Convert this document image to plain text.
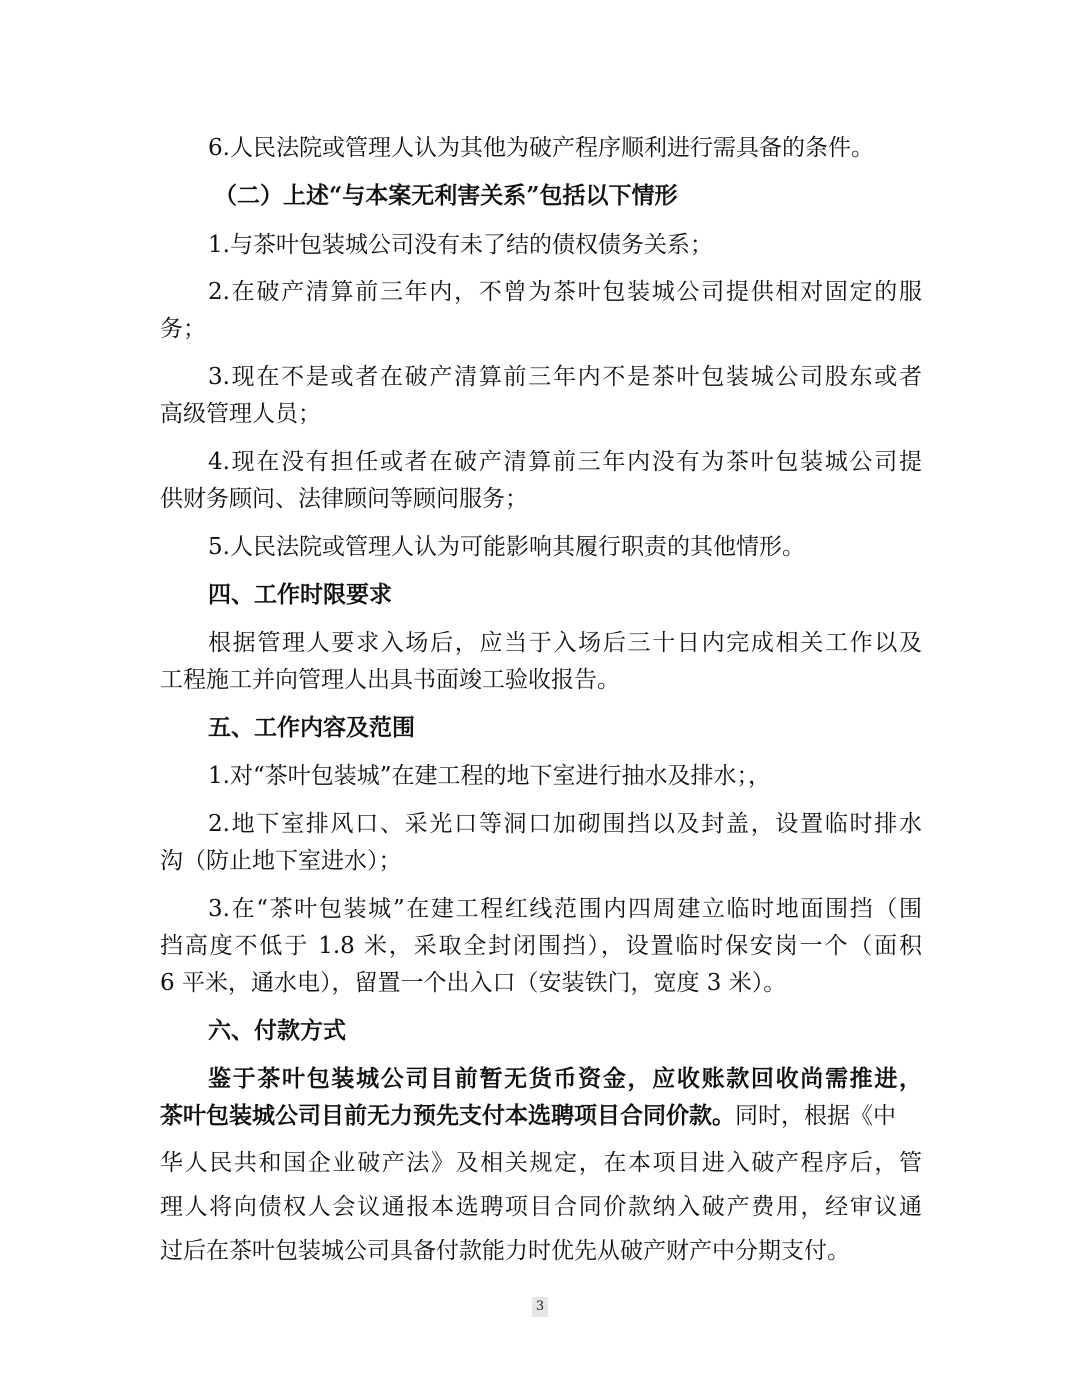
6.人民法院或管理人认为其他为破产程序顺利进行需具备的条件。
（二）上述“与本案无利害关系”包括以下情形
1.与茶叶包装城公司没有未了结的债权债务关系；
2.在破产清算前三年内，不曾为茶叶包装城公司提供相对固定的服
务；
3.现在不是或者在破产清算前三年内不是茶叶包装城公司股东或者
高级管理人员；
4.现在没有担任或者在破产清算前三年内没有为茶叶包装城公司提
供财务顾问、法律顾问等顾问服务；
5.人民法院或管理人认为可能影响其履行职责的其他情形。
四、工作时限要求
根据管理人要求入场后，应当于入场后三十日内完成相关工作以及
工程施工并向管理人出具书面竣工验收报告。
五、工作内容及范围
1.对“茶叶包装城”在建工程的地下室进行抽水及排水；，
2.地下室排风口、采光口等洞口加砌围挡以及封盖，设置临时排水
沟（防止地下室进水）；
3.在“茶叶包装城”在建工程红线范围内四周建立临时地面围挡（围
挡高度不低于 1.8 米，采取全封闭围挡），设置临时保安岗一个（面积
6 平米，通水电），留置一个出入口（安装铁门，宽度 3 米）。
六、付款方式
鉴于茶叶包装城公司目前暂无货币资金，应收账款回收尚需推进，
茶叶包装城公司目前无力预先支付本选聘项目合同价款。同时，根据《中
华人民共和国企业破产法》及相关规定，在本项目进入破产程序后，管
理人将向债权人会议通报本选聘项目合同价款纳入破产费用，经审议通
过后在茶叶包装城公司具备付款能力时优先从破产财产中分期支付。
3
